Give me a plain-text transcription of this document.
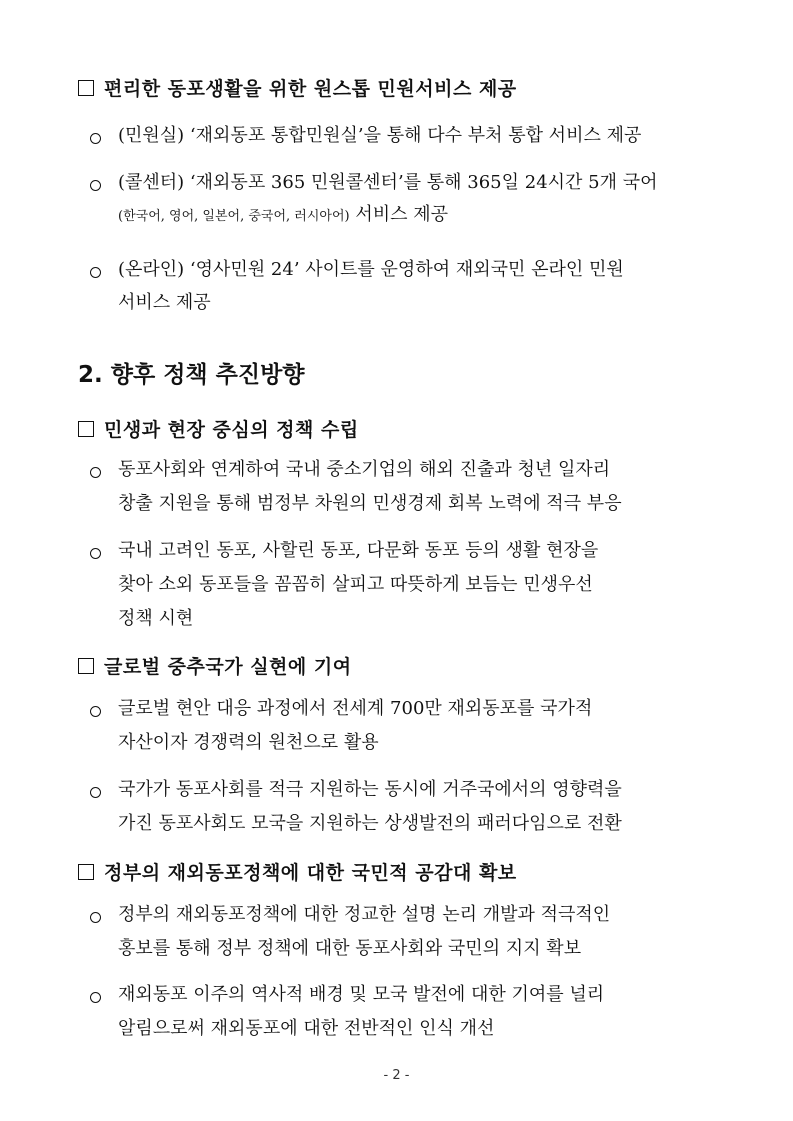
편리한 동포생활을 위한 원스톱 민원서비스 제공
(민원실) ‘재외동포 통합민원실’을 통해 다수 부처 통합 서비스 제공
(콜센터) ‘재외동포 365 민원콜센터’를 통해 365일 24시간 5개 국어
(한국어, 영어, 일본어, 중국어, 러시아어) 서비스 제공
(온라인) ‘영사민원 24’ 사이트를 운영하여 재외국민 온라인 민원
서비스 제공
2. 향후 정책 추진방향
민생과 현장 중심의 정책 수립
동포사회와 연계하여 국내 중소기업의 해외 진출과 청년 일자리
창출 지원을 통해 범정부 차원의 민생경제 회복 노력에 적극 부응
국내 고려인 동포, 사할린 동포, 다문화 동포 등의 생활 현장을
찾아 소외 동포들을 꼼꼼히 살피고 따뜻하게 보듬는 민생우선
정책 시현
글로벌 중추국가 실현에 기여
글로벌 현안 대응 과정에서 전세계 700만 재외동포를 국가적
자산이자 경쟁력의 원천으로 활용
국가가 동포사회를 적극 지원하는 동시에 거주국에서의 영향력을
가진 동포사회도 모국을 지원하는 상생발전의 패러다임으로 전환
정부의 재외동포정책에 대한 국민적 공감대 확보
정부의 재외동포정책에 대한 정교한 설명 논리 개발과 적극적인
홍보를 통해 정부 정책에 대한 동포사회와 국민의 지지 확보
재외동포 이주의 역사적 배경 및 모국 발전에 대한 기여를 널리
알림으로써 재외동포에 대한 전반적인 인식 개선
- 2 -
